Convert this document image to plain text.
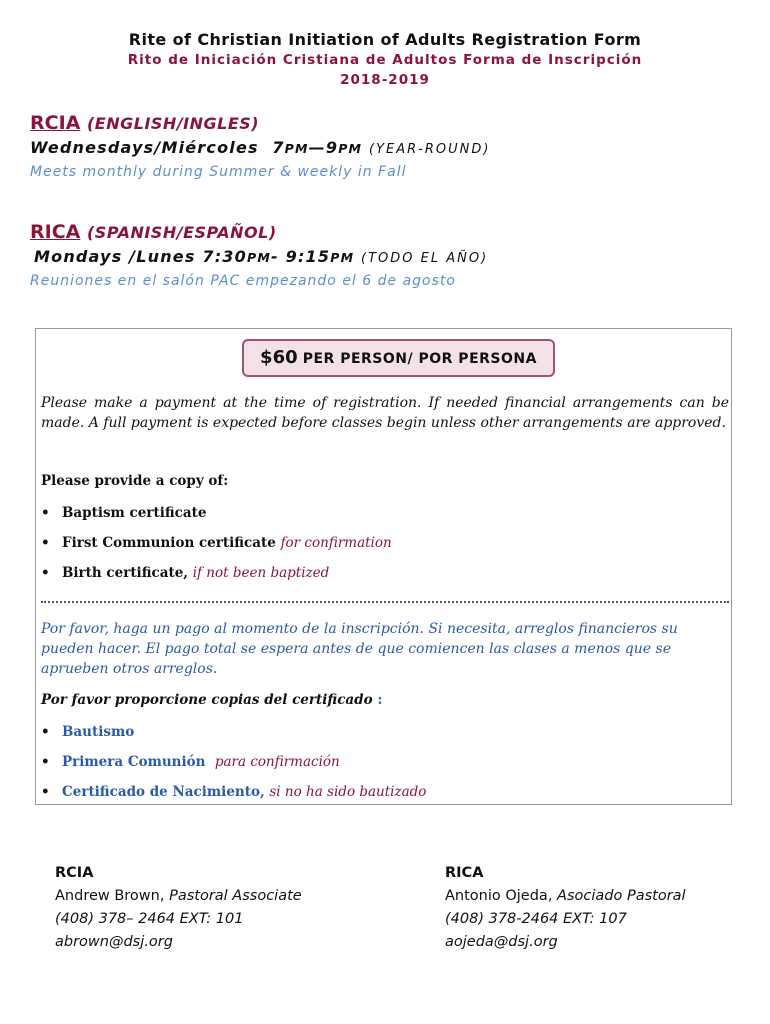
Rite of Christian Initiation of Adults Registration Form
Rito de Iniciación Cristiana de Adultos Forma de Inscripción
2018-2019
RCIA (ENGLISH/INGLES)
Wednesdays/Miércoles 7PM—9PM (YEAR-ROUND)
Meets monthly during Summer & weekly in Fall
RICA (SPANISH/ESPAÑOL)
Mondays /Lunes 7:30PM- 9:15PM (TODO EL AÑO)
Reuniones en el salón PAC empezando el 6 de agosto
$60 PER PERSON/ POR PERSONA
Please make a payment at the time of registration. If needed financial arrangements can be made. A full payment is expected before classes begin unless other arrangements are approved.
Please provide a copy of:
• Baptism certificate
• First Communion certificate for confirmation
• Birth certificate, if not been baptized
Por favor, haga un pago al momento de la inscripción. Si necesita, arreglos financieros su pueden hacer. El pago total se espera antes de que comiencen las clases a menos que se aprueben otros arreglos.
Por favor proporcione copias del certificado :
• Bautismo
• Primera Comunión para confirmación
• Certificado de Nacimiento, si no ha sido bautizado
RCIA
Andrew Brown, Pastoral Associate
(408) 378– 2464 EXT: 101
abrown@dsj.org
RICA
Antonio Ojeda, Asociado Pastoral
(408) 378-2464 EXT: 107
aojeda@dsj.org
